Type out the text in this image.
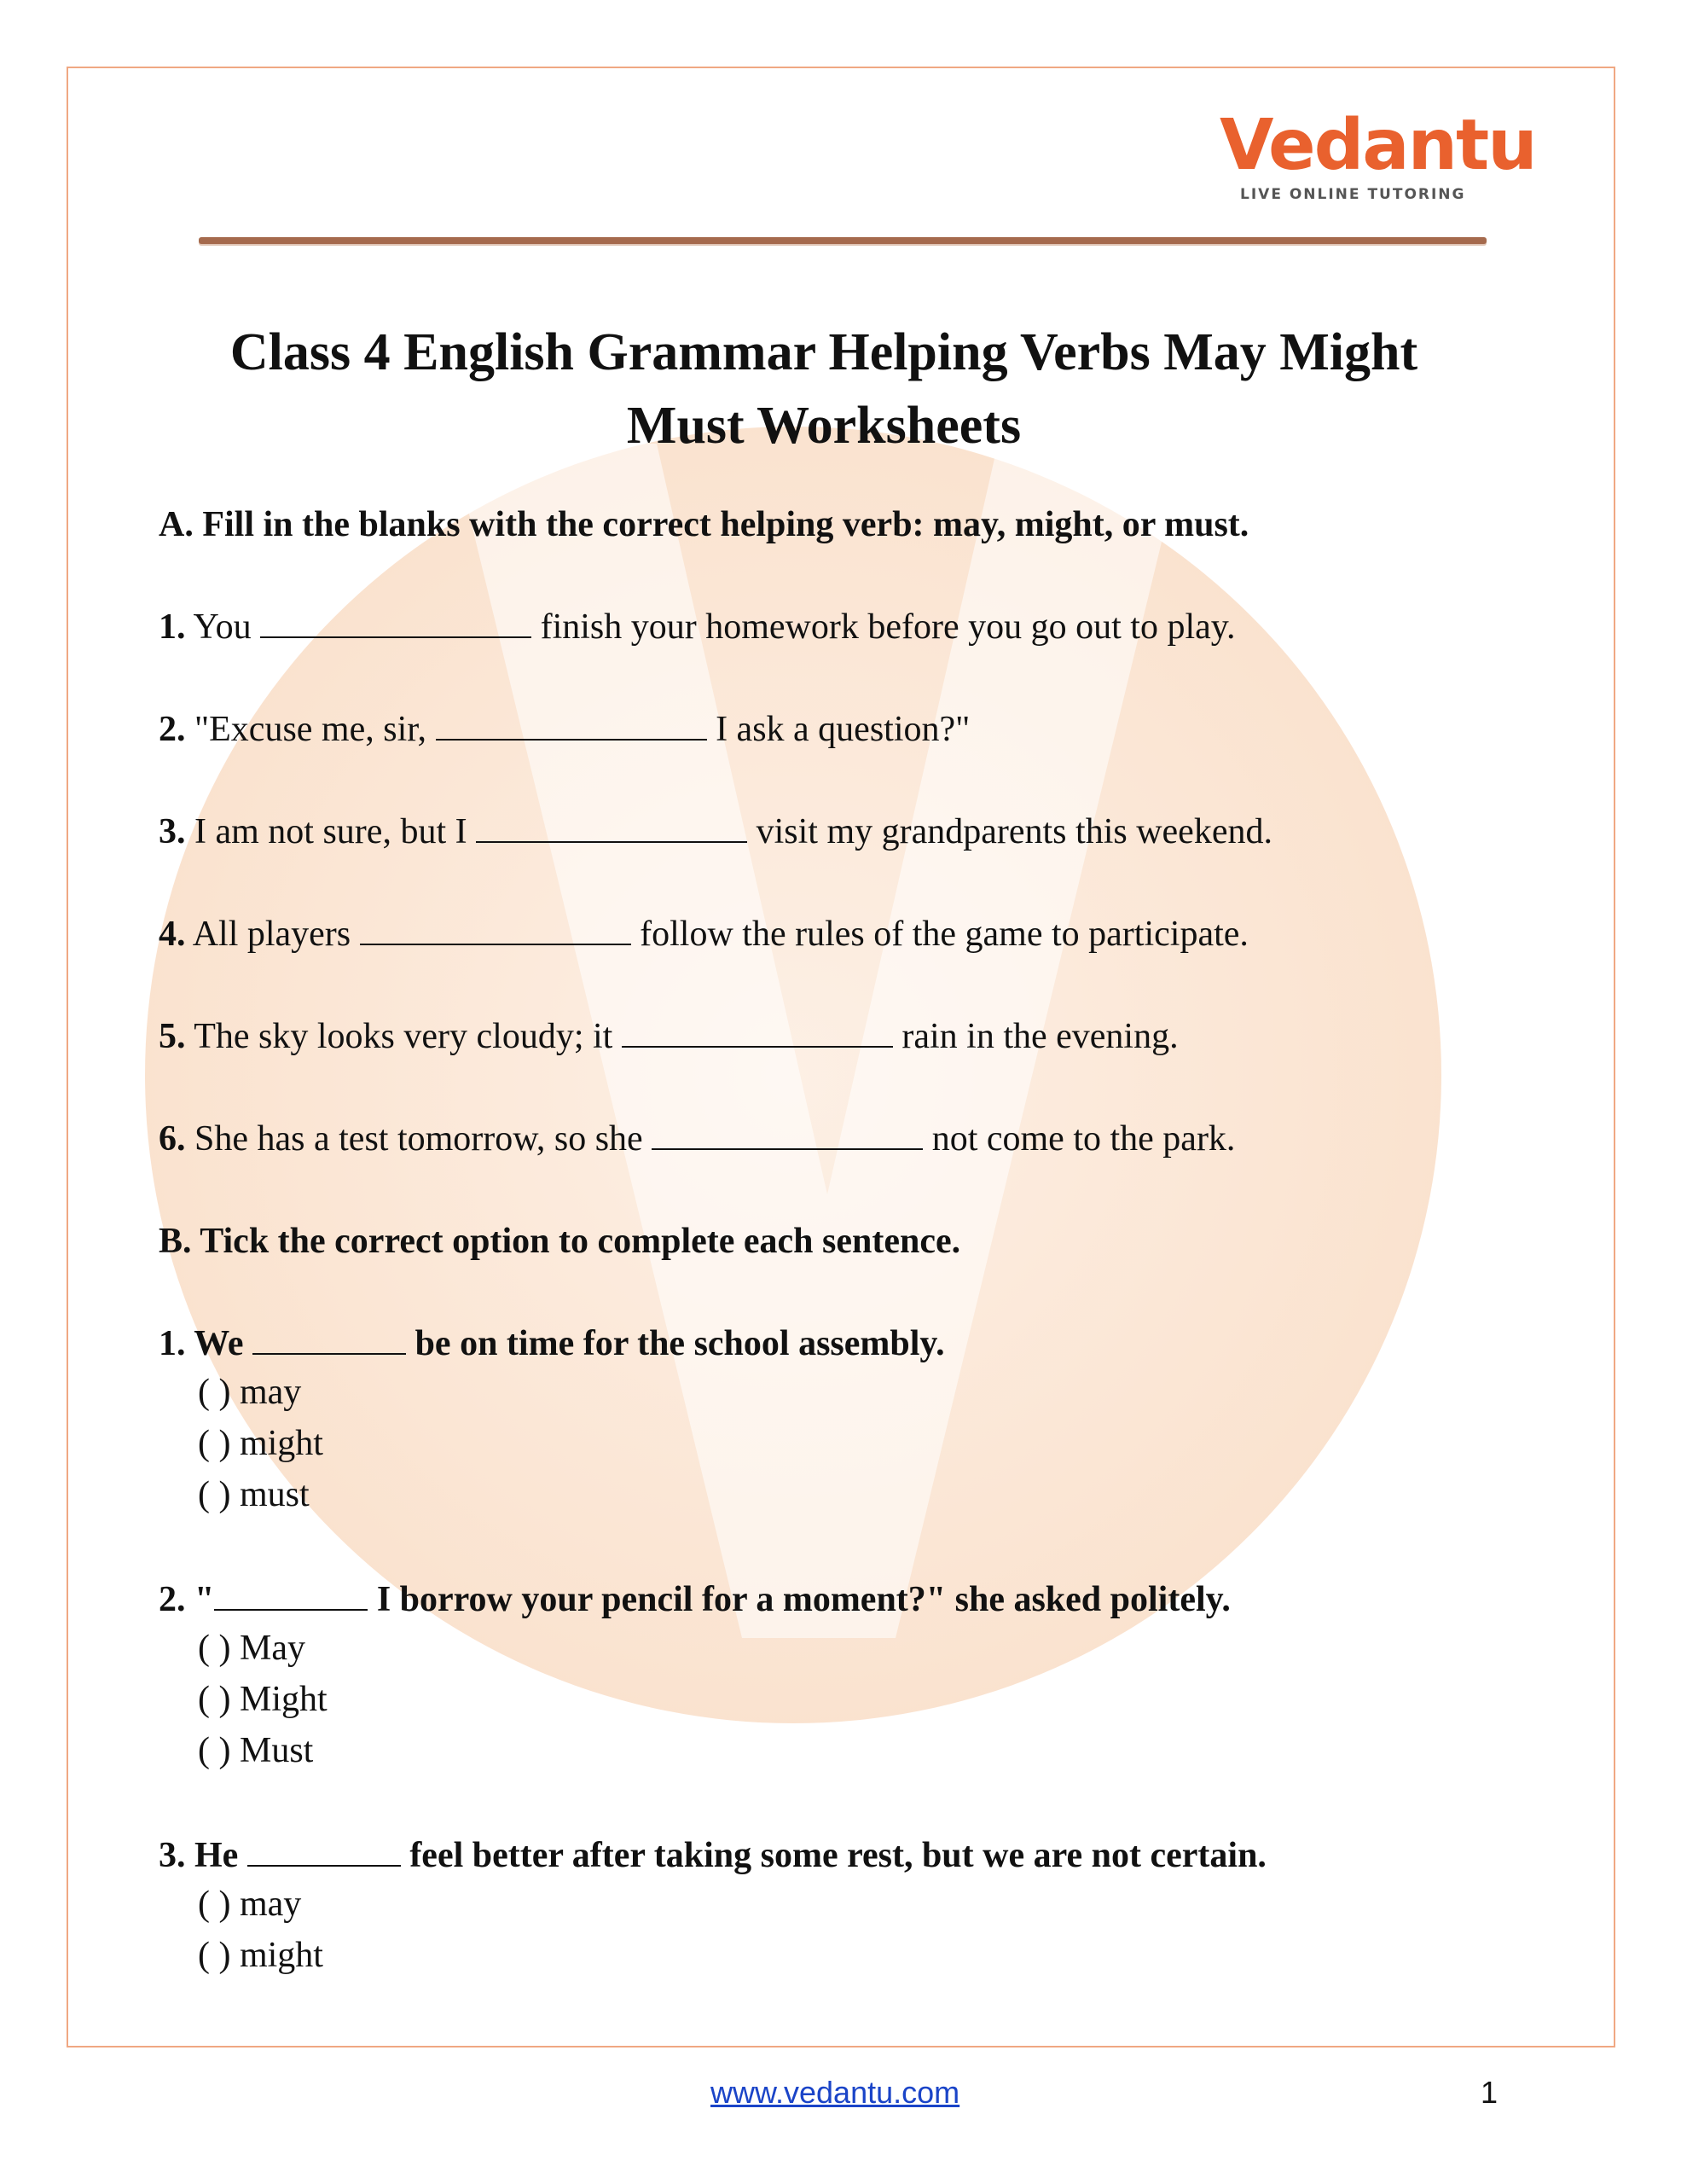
Vedantu
LIVE ONLINE TUTORING
Class 4 English Grammar Helping Verbs May Might
Must Worksheets

A. Fill in the blanks with the correct helping verb: may, might, or must.

1. You	finish your homework before you go out to play.

2. "Excuse me, sir,	I ask a question?"

3. I am not sure, but I	visit my grandparents this weekend.

4. All players	follow the rules of the game to participate.

5. The sky looks very cloudy; it	rain in the evening.

6. She has a test tomorrow, so she	not come to the park.

B. Tick the correct option to complete each sentence.

1. We	be on time for the school assembly.

( ) may

( ) might

( ) must

2. "	I borrow your pencil for a moment?" she asked politely.

( ) May

( ) Might

( ) Must

3. He	feel better after taking some rest, but we are not certain.

( ) may

( ) might

www.vedantu.com	1
